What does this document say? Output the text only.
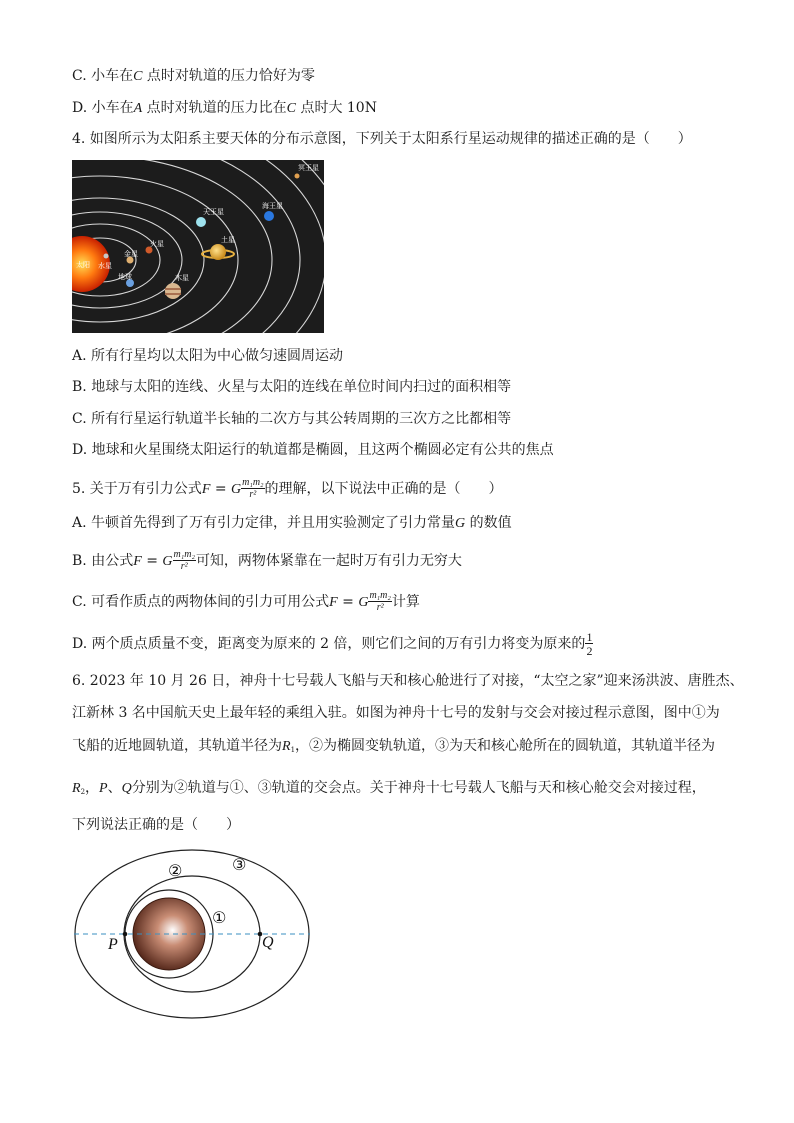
C. 小车在C 点时对轨道的压力恰好为零
D. 小车在A 点时对轨道的压力比在C 点时大 10N
4. 如图所示为太阳系主要天体的分布示意图，下列关于太阳系行星运动规律的描述正确的是（　　）
太阳 水星
金星
地球
火星
木星
土星
天王星
海王星
冥王星
A. 所有行星均以太阳为中心做匀速圆周运动
B. 地球与太阳的连线、火星与太阳的连线在单位时间内扫过的面积相等
C. 所有行星运行轨道半长轴的二次方与其公转周期的三次方之比都相等
D. 地球和火星围绕太阳运行的轨道都是椭圆，且这两个椭圆必定有公共的焦点
5. 关于万有引力公式F = G $\frac{\text{m₁m₂}}{\text{r²}}$ 的理解，以下说法中正确的是（　　）
A. 牛顿首先得到了万有引力定律，并且用实验测定了引力常量G 的数值
B. 由公式F = G $\frac{\text{m₁m₂}}{\text{r²}}$ 可知，两物体紧靠在一起时万有引力无穷大
C. 可看作质点的两物体间的引力可用公式F = G $\frac{\text{m₁m₂}}{\text{r²}}$ 计算
D. 两个质点质量不变，距离变为原来的 2 倍，则它们之间的万有引力将变为原来的 $\frac{1}{2}$
6. 2023 年 10 月 26 日，神舟十七号载人飞船与天和核心舱进行了对接，“太空之家”迎来汤洪波、唐胜杰、
江新林 3 名中国航天史上最年轻的乘组入驻。如图为神舟十七号的发射与交会对接过程示意图，图中①为
飞船的近地圆轨道，其轨道半径为$R_1$，②为椭圆变轨轨道，③为天和核心舱所在的圆轨道，其轨道半径为
$R_2$，P、Q分别为②轨道与①、③轨道的交会点。关于神舟十七号载人飞船与天和核心舱交会对接过程，
下列说法正确的是（　　）
P	Q
①
②	③
